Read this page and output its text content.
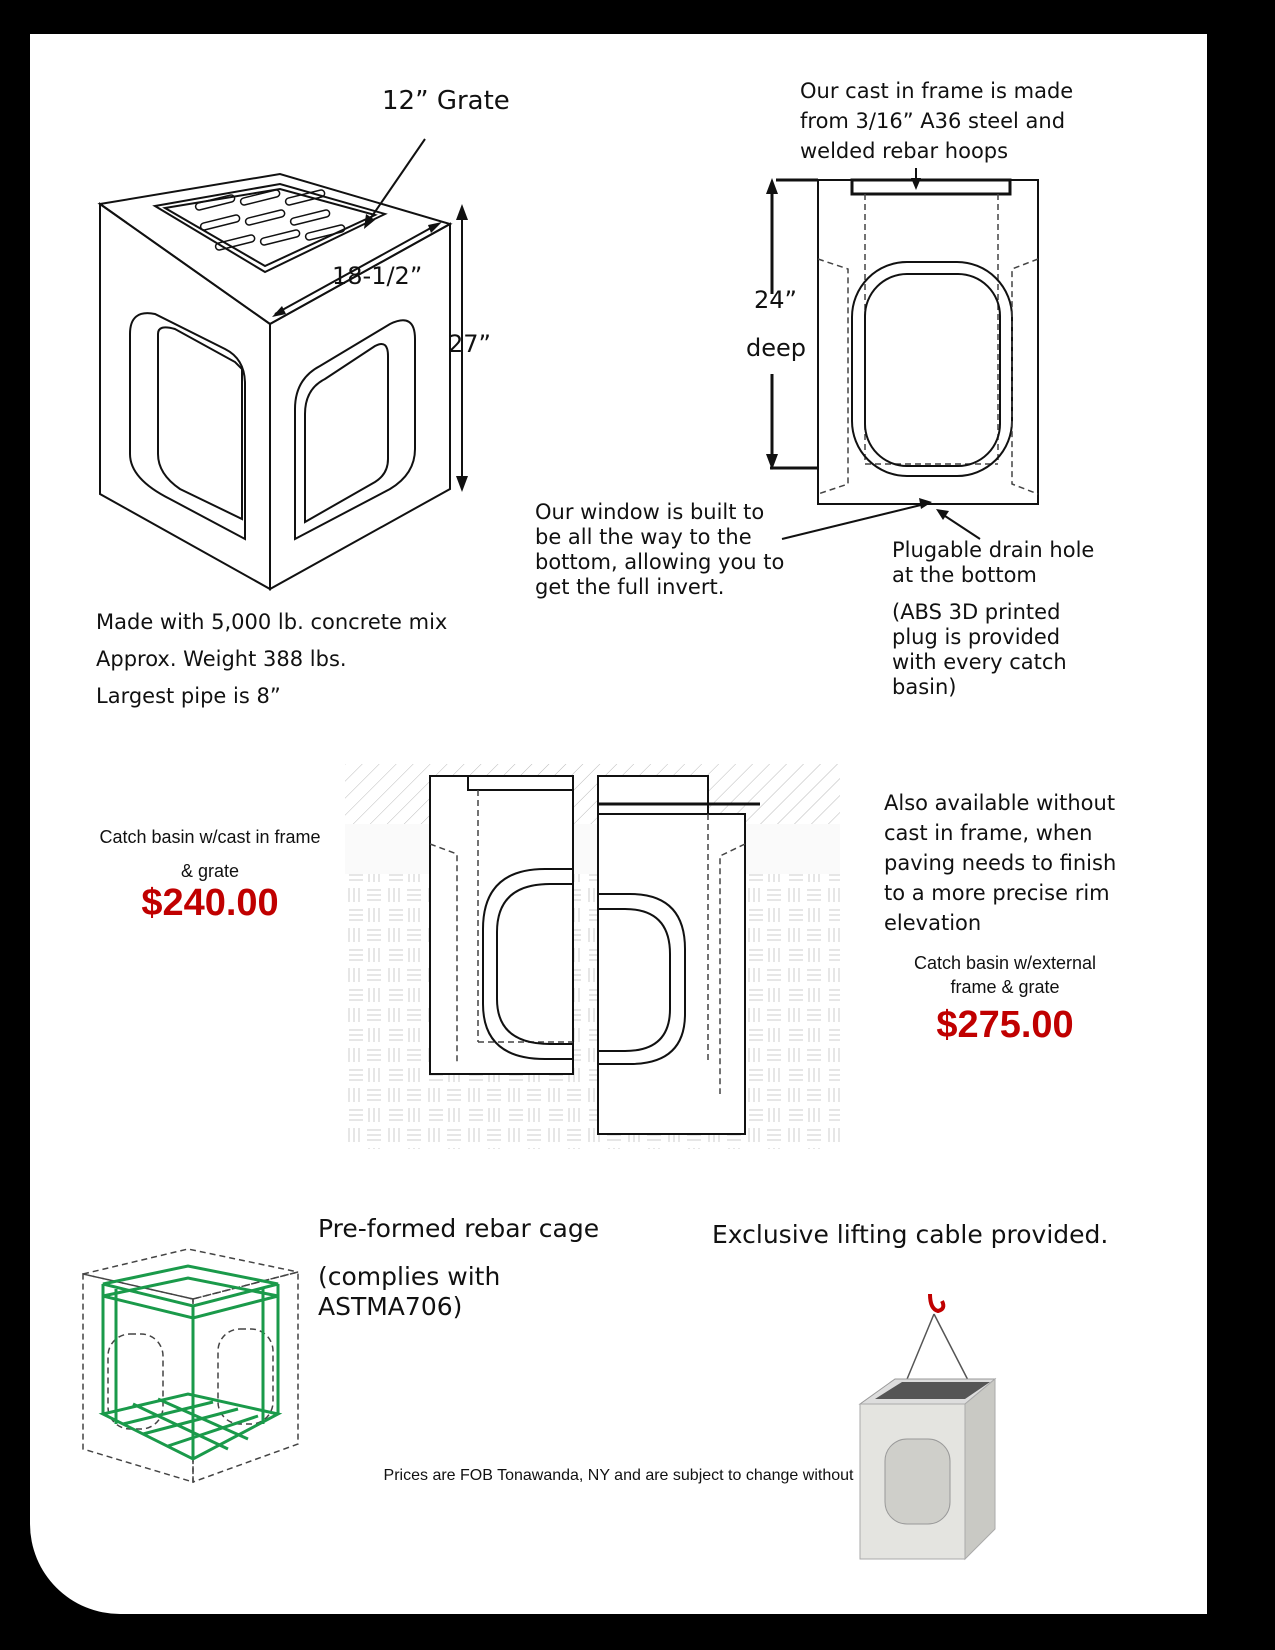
12” Grate

18-1/2”

27”

Made with 5,000 lb. concrete mix
Approx. Weight 388 lbs.
Largest pipe is 8”
Our cast in frame is made
from 3/16” A36 steel and
welded rebar hoops

24”

deep

Our window is built to
be all the way to the
bottom, allowing you to
get the full invert.
Plugable drain hole
at the bottom
(ABS 3D printed
plug is provided
with every catch
basin)
Catch basin w/cast in frame
& grate
$240.00
Also available without
cast in frame, when
paving needs to finish
to a more precise rim
elevation
Catch basin w/external
frame & grate
$275.00

Pre-formed rebar cage

(complies with
ASTMA706)

Exclusive lifting cable provided.

Prices are FOB Tonawanda, NY and are subject to change without
